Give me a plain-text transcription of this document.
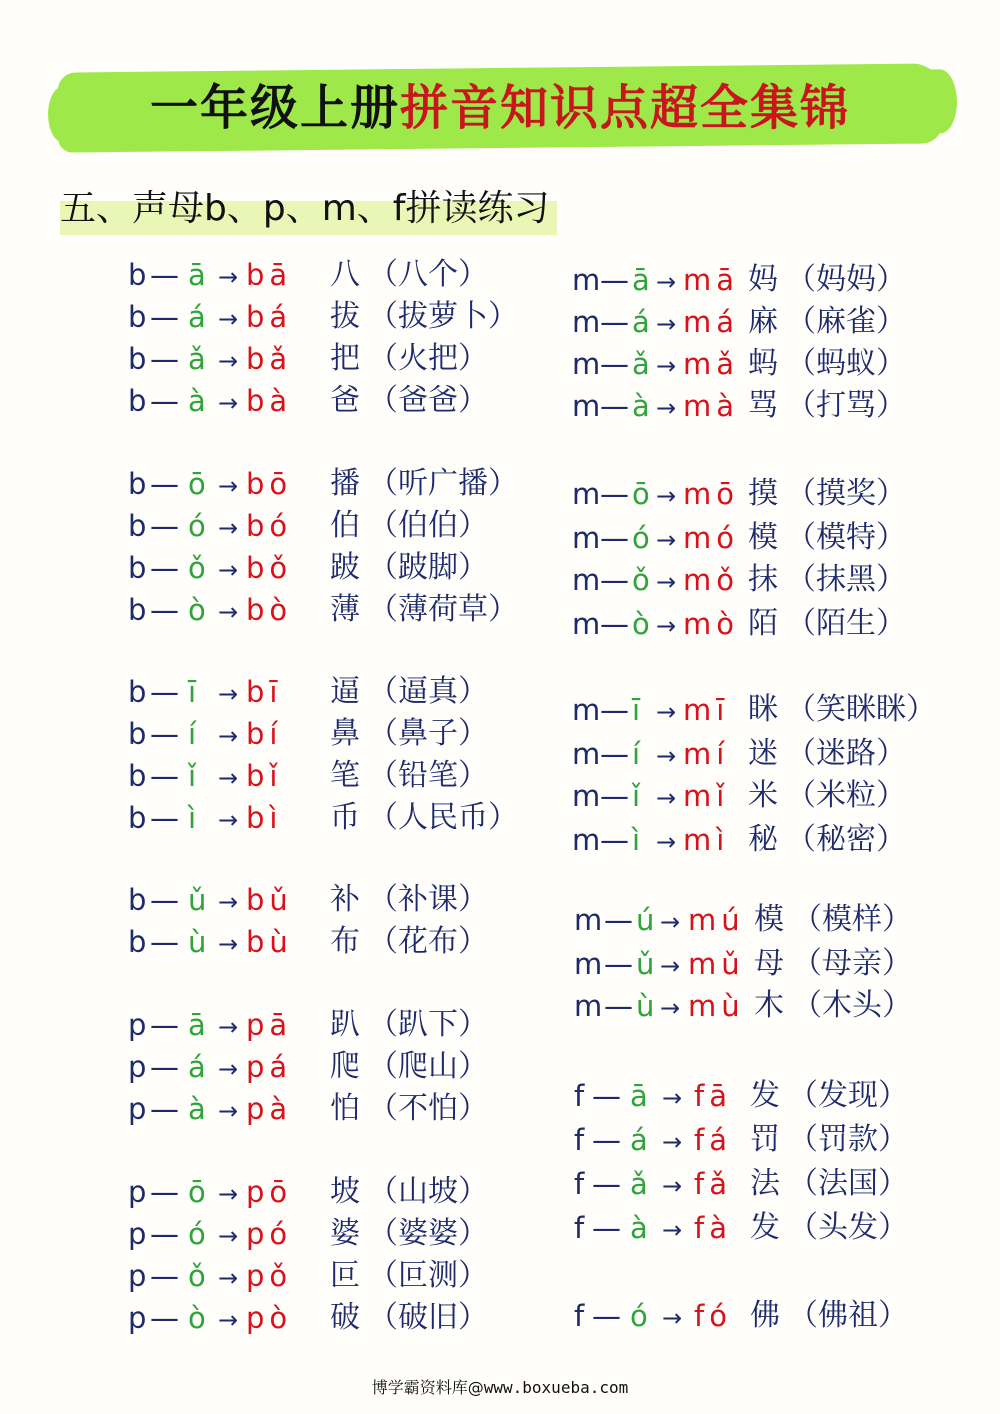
一年级上册拼音知识点超全集锦
五、声母b、p、m、f拼读练习
b — ā → bā 八 （八个）
b — á → bá 拔 （拔萝卜）
b — ǎ → bǎ 把 （火把）
b — à → bà 爸 （爸爸）
b — ō → bō 播 （听广播）
b — ó → bó 伯 （伯伯）
b — ǒ → bǒ 跛 （跛脚）
b — ò → bò 薄 （薄荷草）
b — ī → bī 逼 （逼真）
b — í → bí 鼻 （鼻子）
b — ǐ → bǐ 笔 （铅笔）
b — ì → bì 币 （人民币）
b — ǔ → bǔ 补 （补课）
b — ù → bù 布 （花布）
p — ā → pā 趴 （趴下）
p — á → pá 爬 （爬山）
p — à → pà 怕 （不怕）
p — ō → pō 坡 （山坡）
p — ó → pó 婆 （婆婆）
p — ǒ → pǒ 叵 （叵测）
p — ò → pò 破 （破旧）
m — ā → mā 妈 （妈妈）
m — á → má 麻 （麻雀）
m — ǎ → mǎ 蚂 （蚂蚁）
m — à → mà 骂 （打骂）
m — ō → mō 摸 （摸奖）
m — ó → mó 模 （模特）
m — ǒ → mǒ 抹 （抹黑）
m — ò → mò 陌 （陌生）
m — ī → mī 眯 （笑眯眯）
m — í → mí 迷 （迷路）
m — ǐ → mǐ 米 （米粒）
m — ì → mì 秘 （秘密）
m — ú → mú 模 （模样）
m — ǔ → mǔ 母 （母亲）
m — ù → mù 木 （木头）
f — ā → fā 发 （发现）
f — á → fá 罚 （罚款）
f — ǎ → fǎ 法 （法国）
f — à → fà 发 （头发）
f — ó → fó 佛 （佛祖）
博学霸资料库@www.boxueba.com
